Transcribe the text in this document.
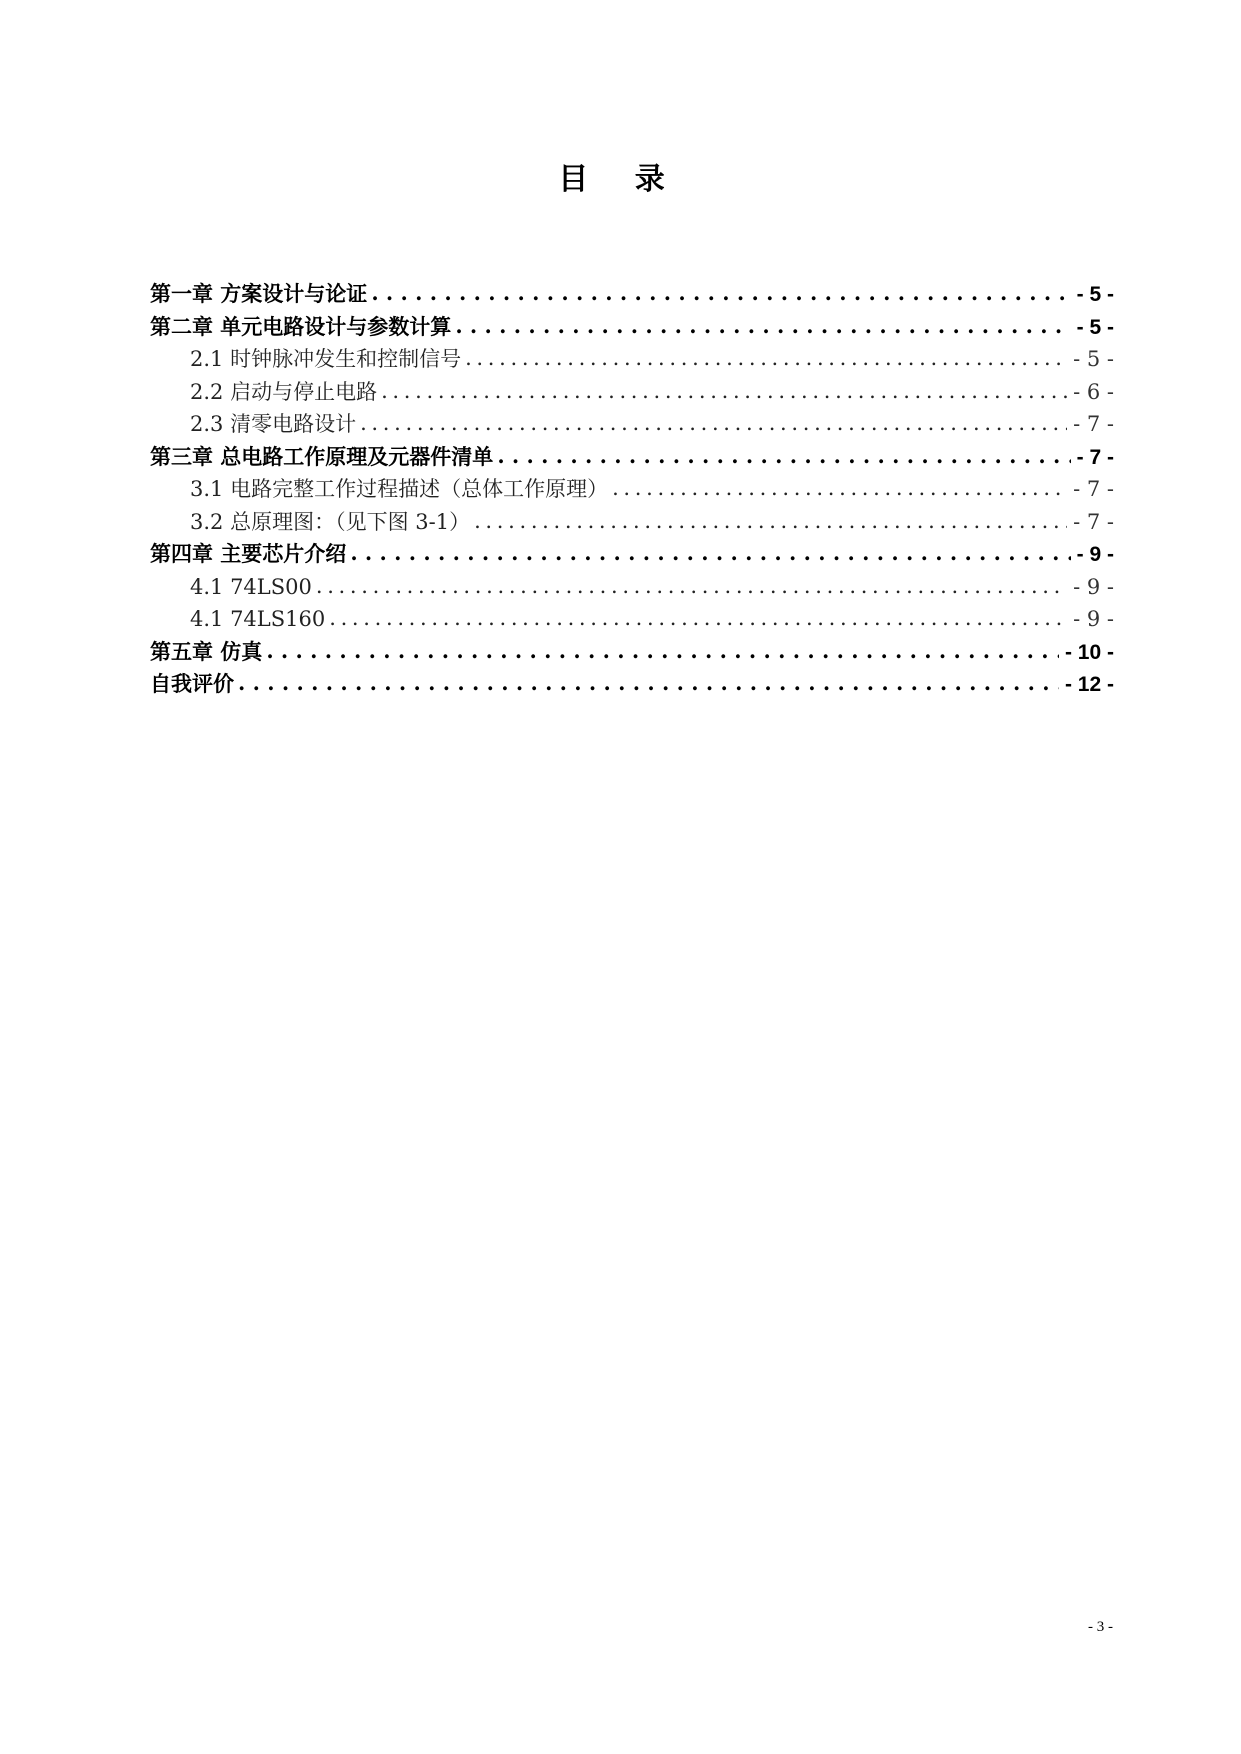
目 录
第一章 方案设计与论证 . . .	- 5 -
第二章 单元电路设计与参数计算 . . .	- 5 -
2.1 时钟脉冲发生和控制信号 . . .	- 5 -
2.2 启动与停止电路 . . .	- 6 -
2.3 清零电路设计 . . .	- 7 -
第三章 总电路工作原理及元器件清单 . . .	- 7 -
3.1 电路完整工作过程描述（总体工作原理） . . .	- 7 -
3.2 总原理图：（见下图 3-1） . . .	- 7 -
第四章 主要芯片介绍 . . .	- 9 -
4.1 74LS00 . . .	- 9 -
4.1 74LS160 . . .	- 9 -
第五章 仿真 . . .	- 10 -
自我评价 . . .	- 12 -
- 3 -
